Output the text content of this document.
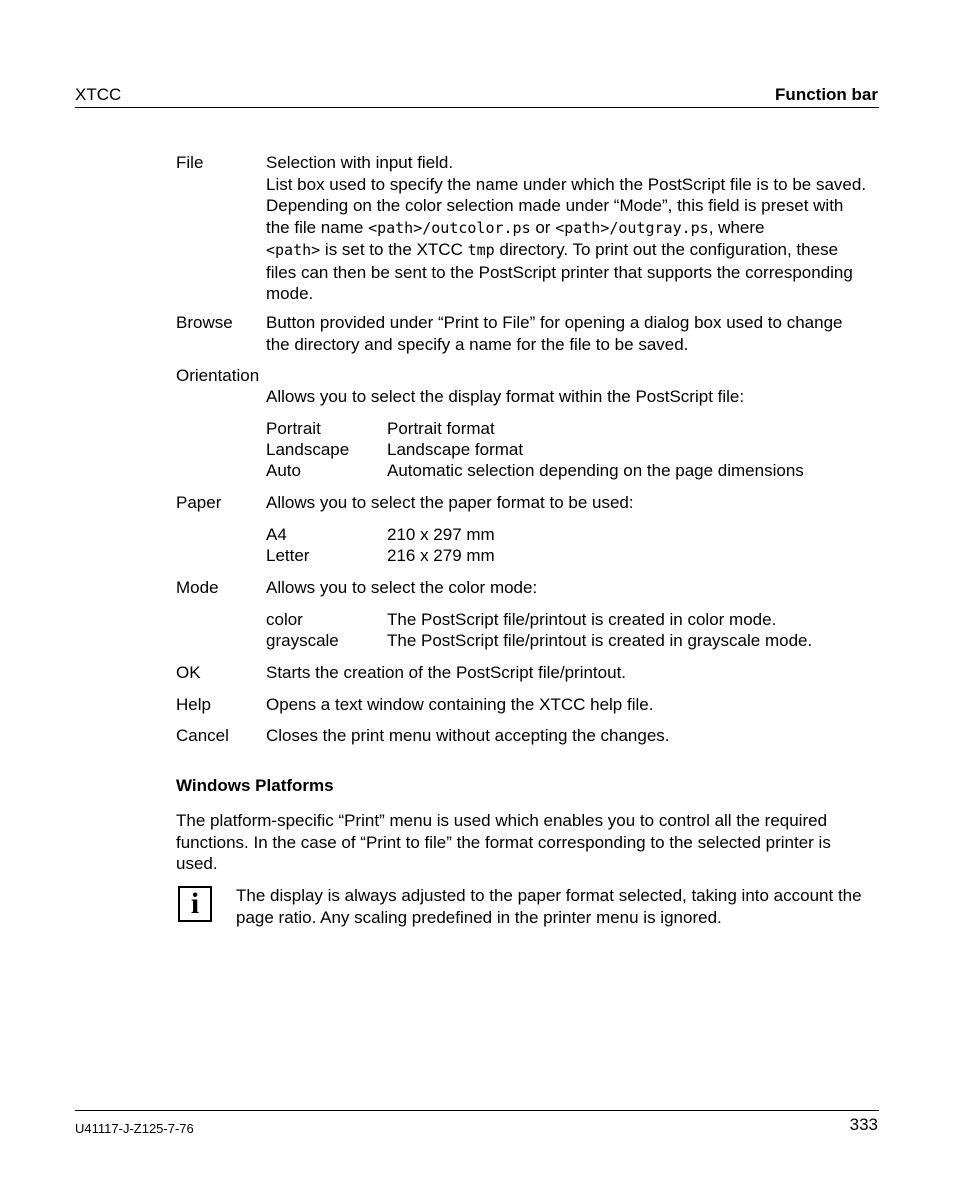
XTCC	Function bar
File	Selection with input field.
List box used to specify the name under which the PostScript file is to be saved.
Depending on the color selection made under “Mode”, this field is preset with
the file name <path>/outcolor.ps or <path>/outgray.ps, where
<path> is set to the XTCC tmp directory. To print out the configuration, these
files can then be sent to the PostScript printer that supports the corresponding
mode.
Browse Button provided under “Print to File” for opening a dialog box used to change
the directory and specify a name for the file to be saved.
Orientation
Allows you to select the display format within the PostScript file:
Portrait	Portrait format
Landscape Landscape format
Auto	Automatic selection depending on the page dimensions
Paper	Allows you to select the paper format to be used:
A4	210 x 297 mm
Letter	216 x 279 mm
Mode	Allows you to select the color mode:
color	The PostScript file/printout is created in color mode.
grayscale	The PostScript file/printout is created in grayscale mode.
OK	Starts the creation of the PostScript file/printout.
Help	Opens a text window containing the XTCC help file.
Cancel Closes the print menu without accepting the changes.
Windows Platforms
The platform-specific “Print” menu is used which enables you to control all the required
functions. In the case of “Print to file” the format corresponding to the selected printer is
used.
i The display is always adjusted to the paper format selected, taking into account the
page ratio. Any scaling predefined in the printer menu is ignored.
U41117-J-Z125-7-76	333
